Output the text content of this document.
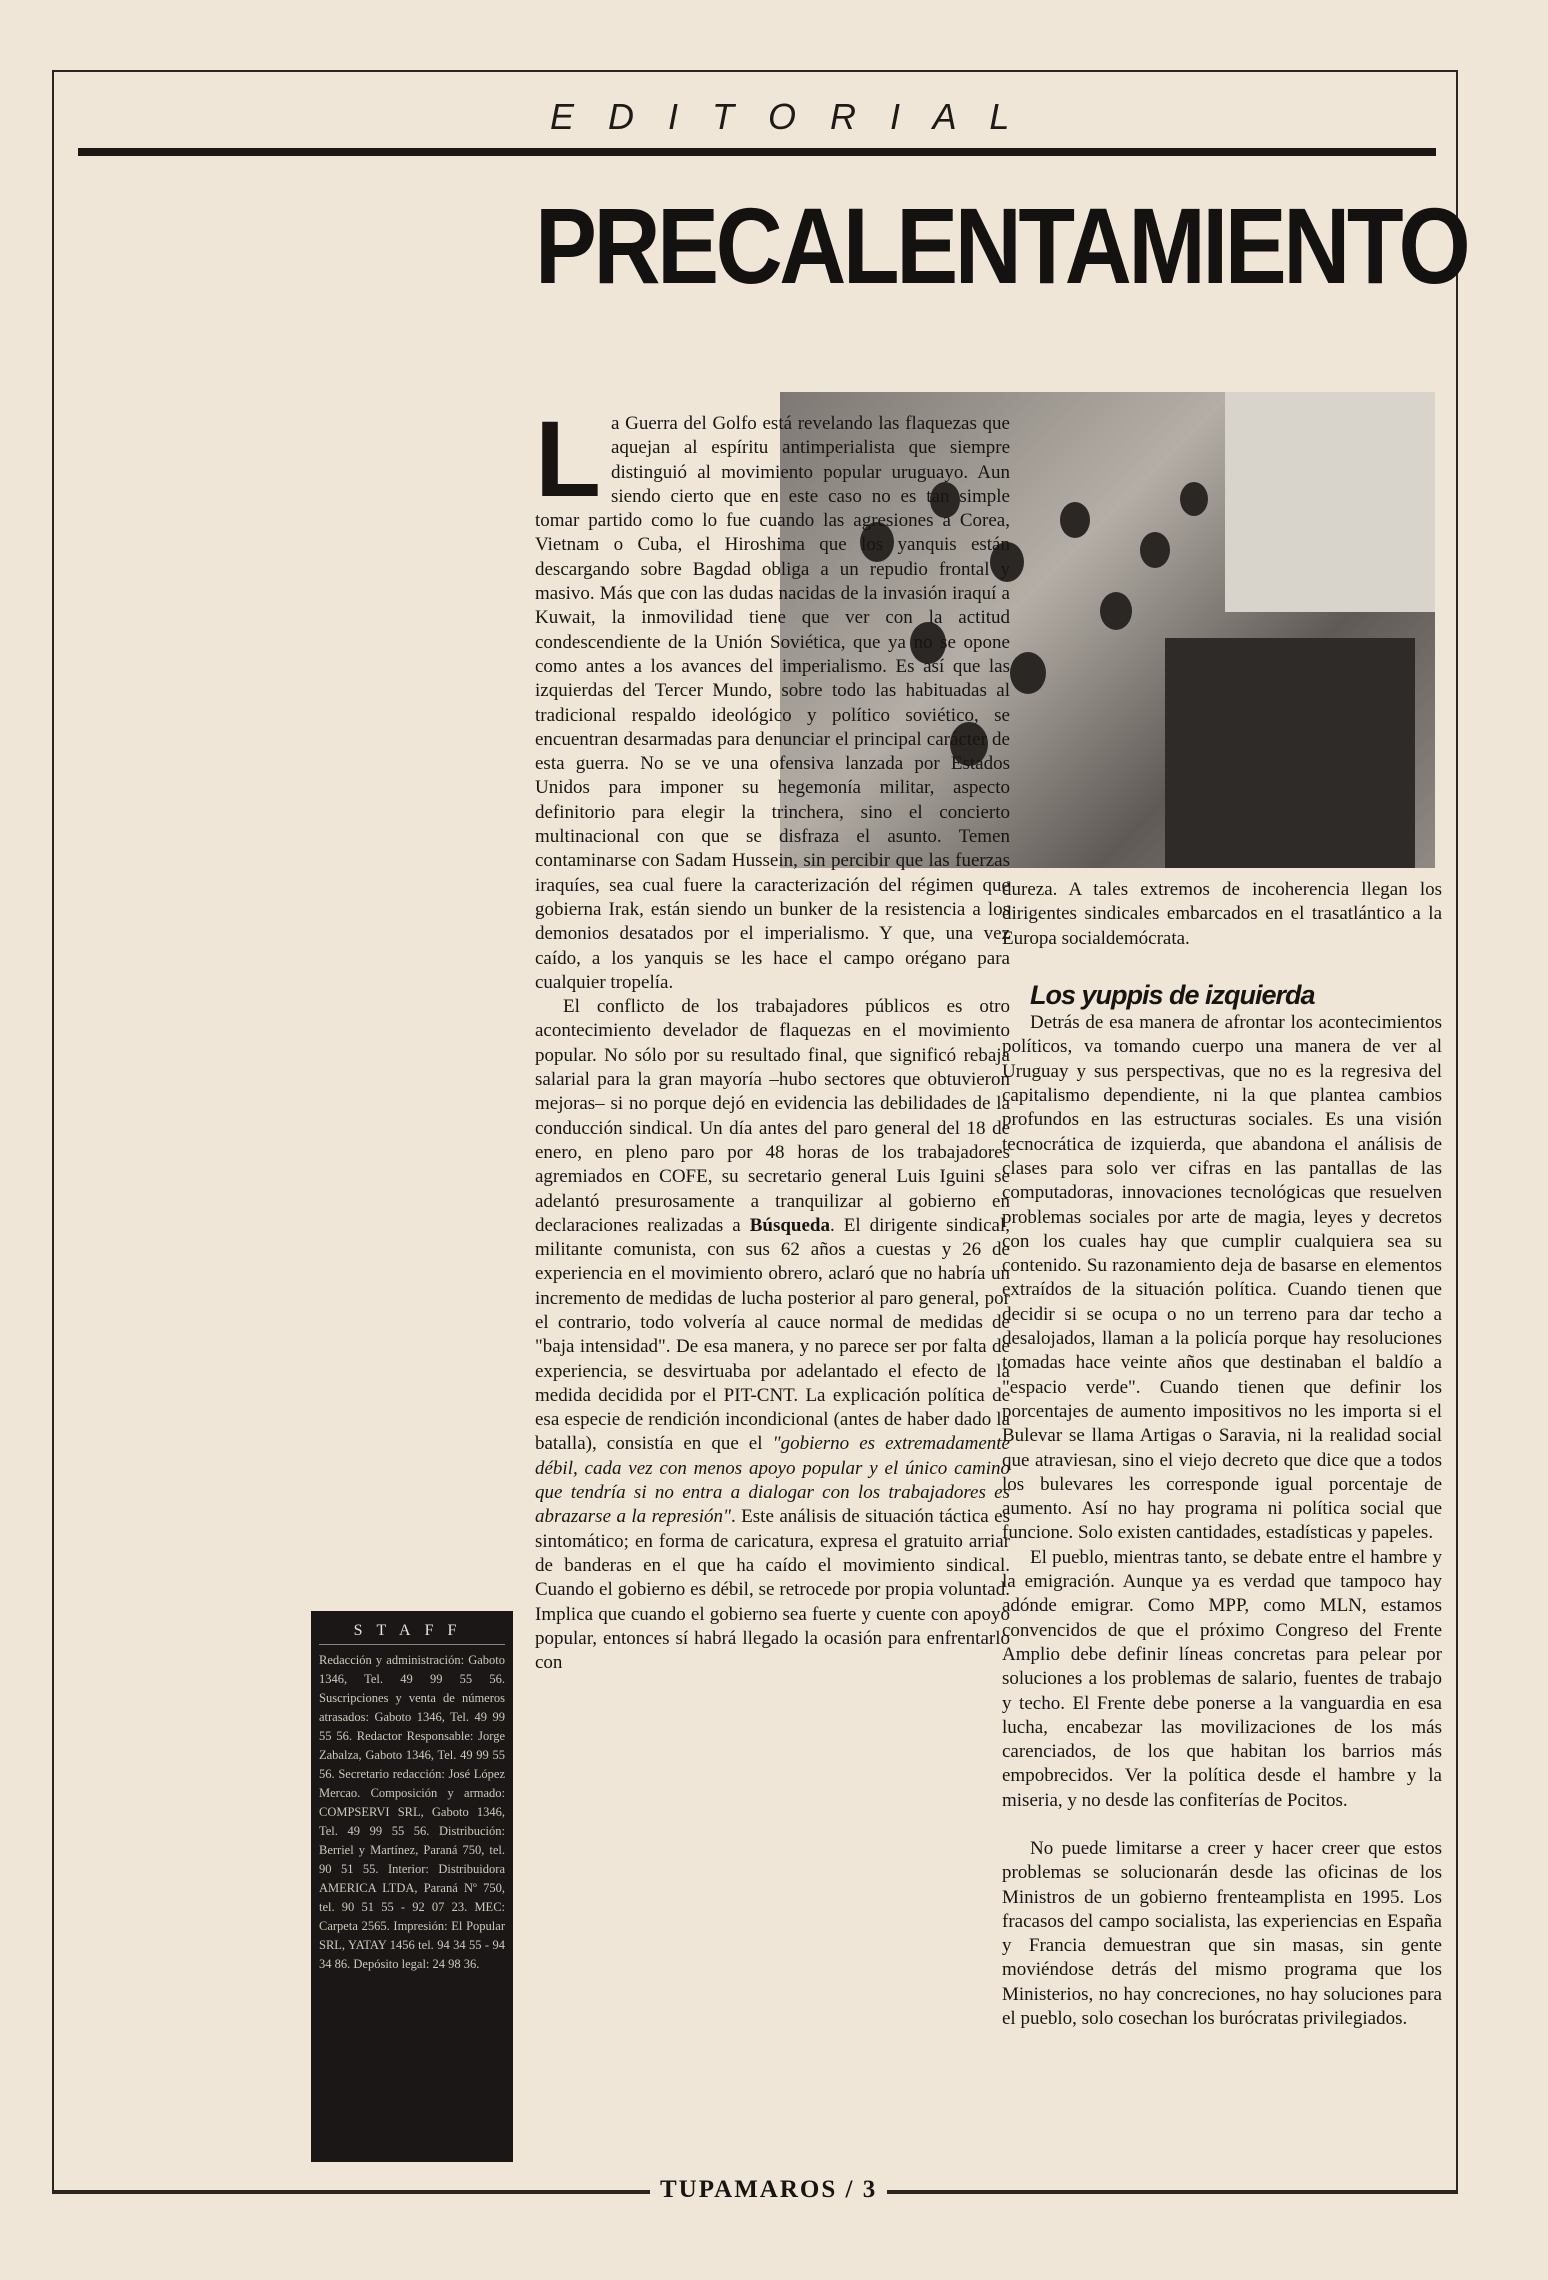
E D I T O R I A L
PRECALENTAMIENTO
L a Guerra del Golfo está revelando las flaquezas que aquejan al espíritu antimperialista que siempre distinguió al movimiento popular uruguayo. Aun siendo cierto que en este caso no es tan simple tomar partido como lo fue cuando las agresiones a Corea, Vietnam o Cuba, el Hiroshima que los yanquis están descargando sobre Bagdad obliga a un repudio frontal y masivo. Más que con las dudas nacidas de la invasión iraquí a Kuwait, la inmovilidad tiene que ver con la actitud condescendiente de la Unión Soviética, que ya no se opone como antes a los avances del imperialismo. Es así que las izquierdas del Tercer Mundo, sobre todo las habituadas al tradicional respaldo ideológico y político soviético, se encuentran desarmadas para denunciar el principal carácter de esta guerra. No se ve una ofensiva lanzada por Estados Unidos para imponer su hegemonía militar, aspecto definitorio para elegir la trinchera, sino el concierto multinacional con que se disfraza el asunto. Temen contaminarse con Sadam Hussein, sin percibir que las fuerzas iraquíes, sea cual fuere la caracterización del régimen que gobierna Irak, están siendo un bunker de la resistencia a los demonios desatados por el imperialismo. Y que, una vez caído, a los yanquis se les hace el campo orégano para cualquier tropelía.

El conflicto de los trabajadores públicos es otro acontecimiento develador de flaquezas en el movimiento popular. No sólo por su resultado final, que significó rebaja salarial para la gran mayoría –hubo sectores que obtuvieron mejoras– si no porque dejó en evidencia las debilidades de la conducción sindical. Un día antes del paro general del 18 de enero, en pleno paro por 48 horas de los trabajadores agremiados en COFE, su secretario general Luis Iguini se adelantó presurosamente a tranquilizar al gobierno en declaraciones realizadas a Búsqueda. El dirigente sindical, militante comunista, con sus 62 años a cuestas y 26 de experiencia en el movimiento obrero, aclaró que no habría un incremento de medidas de lucha posterior al paro general, por el contrario, todo volvería al cauce normal de medidas de "baja intensidad". De esa manera, y no parece ser por falta de experiencia, se desvirtuaba por adelantado el efecto de la medida decidida por el PIT-CNT. La explicación política de esa especie de rendición incondicional (antes de haber dado la batalla), consistía en que el "gobierno es extremadamente débil, cada vez con menos apoyo popular y el único camino que tendría si no entra a dialogar con los trabajadores es abrazarse a la represión". Este análisis de situación táctica es sintomático; en forma de caricatura, expresa el gratuito arriar de banderas en el que ha caído el movimiento sindical. Cuando el gobierno es débil, se retrocede por propia voluntad. Implica que cuando el gobierno sea fuerte y cuente con apoyo popular, entonces sí habrá llegado la ocasión para enfrentarlo con

dureza. A tales extremos de incoherencia llegan los dirigentes sindicales embarcados en el trasatlántico a la Europa socialdemócrata.

Los yuppis de izquierda

Detrás de esa manera de afrontar los acontecimientos políticos, va tomando cuerpo una manera de ver al Uruguay y sus perspectivas, que no es la regresiva del capitalismo dependiente, ni la que plantea cambios profundos en las estructuras sociales. Es una visión tecnocrática de izquierda, que abandona el análisis de clases para solo ver cifras en las pantallas de las computadoras, innovaciones tecnológicas que resuelven problemas sociales por arte de magia, leyes y decretos con los cuales hay que cumplir cualquiera sea su contenido. Su razonamiento deja de basarse en elementos extraídos de la situación política. Cuando tienen que decidir si se ocupa o no un terreno para dar techo a desalojados, llaman a la policía porque hay resoluciones tomadas hace veinte años que destinaban el baldío a "espacio verde". Cuando tienen que definir los porcentajes de aumento impositivos no les importa si el Bulevar se llama Artigas o Saravia, ni la realidad social que atraviesan, sino el viejo decreto que dice que a todos los bulevares les corresponde igual porcentaje de aumento. Así no hay programa ni política social que funcione. Solo existen cantidades, estadísticas y papeles.

El pueblo, mientras tanto, se debate entre el hambre y la emigración. Aunque ya es verdad que tampoco hay adónde emigrar. Como MPP, como MLN, estamos convencidos de que el próximo Congreso del Frente Amplio debe definir líneas concretas para pelear por soluciones a los problemas de salario, fuentes de trabajo y techo. El Frente debe ponerse a la vanguardia en esa lucha, encabezar las movilizaciones de los más carenciados, de los que habitan los barrios más empobrecidos. Ver la política desde el hambre y la miseria, y no desde las confiterías de Pocitos.

No puede limitarse a creer y hacer creer que estos problemas se solucionarán desde las oficinas de los Ministros de un gobierno frenteamplista en 1995. Los fracasos del campo socialista, las experiencias en España y Francia demuestran que sin masas, sin gente moviéndose detrás del mismo programa que los Ministerios, no hay concreciones, no hay soluciones para el pueblo, solo cosechan los burócratas privilegiados.

STAFF
Redacción y administración: Gaboto 1346, Tel. 49 99 55 56. Suscripciones y venta de números atrasados: Gaboto 1346, Tel. 49 99 55 56. Redactor Responsable: Jorge Zabalza, Gaboto 1346, Tel. 49 99 55 56. Secretario redacción: José López Mercao. Composición y armado: COMPSERVI SRL, Gaboto 1346, Tel. 49 99 55 56. Distribución: Berriel y Martínez, Paraná 750, tel. 90 51 55. Interior: Distribuidora AMERICA LTDA, Paraná Nº 750, tel. 90 51 55 - 92 07 23. MEC: Carpeta 2565. Impresión: El Popular SRL, YATAY 1456 tel. 94 34 55 - 94 34 86. Depósito legal: 24 98 36.
TUPAMAROS / 3
